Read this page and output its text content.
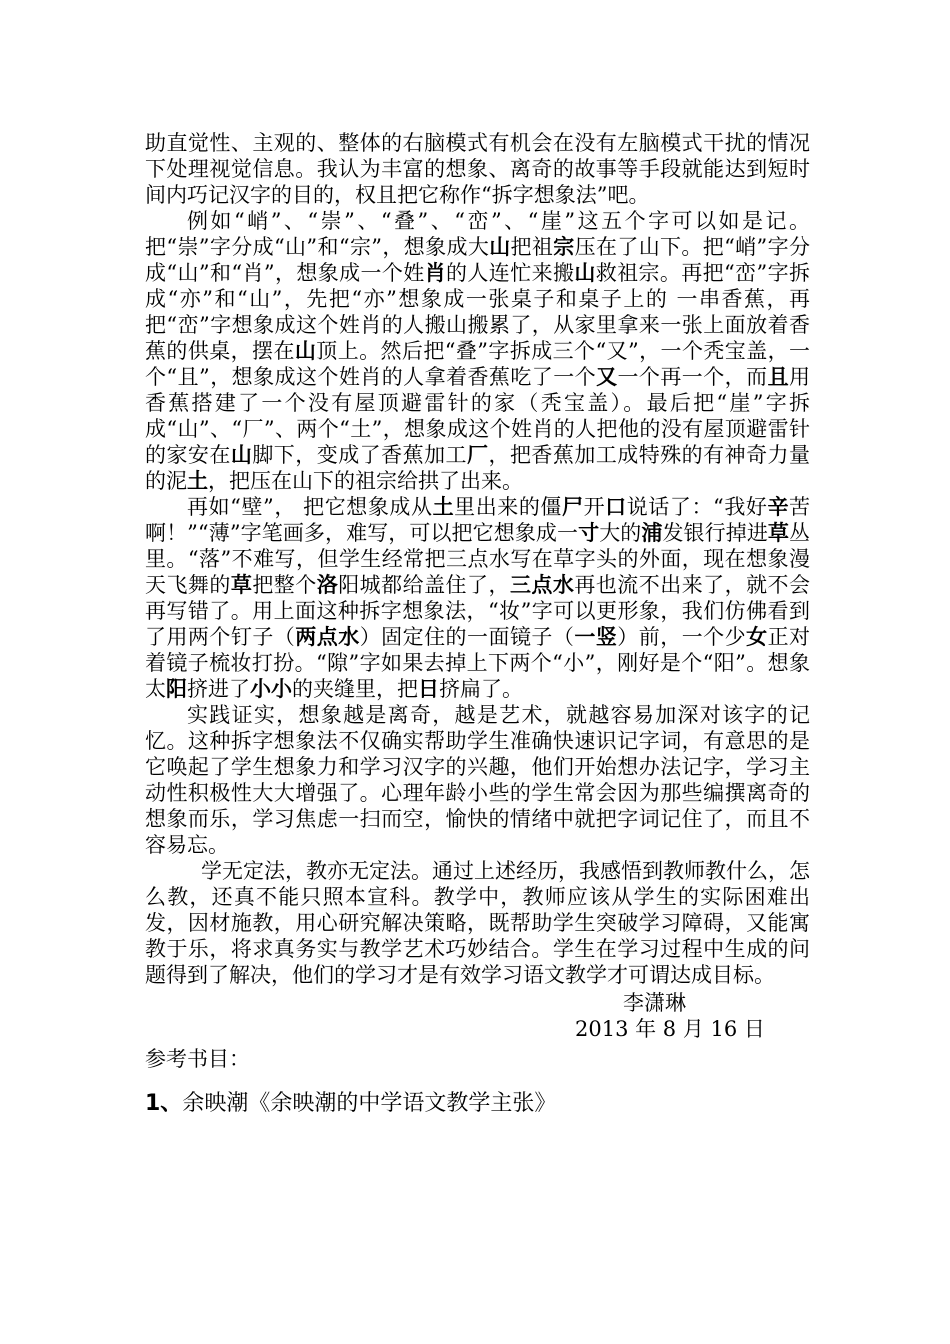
助直觉性、主观的、整体的右脑模式有机会在没有左脑模式干扰的情况下处理视觉信息。我认为丰富的想象、离奇的故事等手段就能达到短时间内巧记汉字的目的，权且把它称作“拆字想象法”吧。

例如“峭”、“崇”、“叠”、“峦”、“崖”这五个字可以如是记。把“崇”字分成“山”和“宗”，想象成大山把祖宗压在了山下。把“峭”字分成“山”和“肖”，想象成一个姓肖的人连忙来搬山救祖宗。再把“峦”字拆成“亦”和“山”，先把“亦”想象成一张桌子和桌子上的 一串香蕉，再把“峦”字想象成这个姓肖的人搬山搬累了，从家里拿来一张上面放着香蕉的供桌，摆在山顶上。然后把“叠”字拆成三个“又”，一个秃宝盖，一个“且”，想象成这个姓肖的人拿着香蕉吃了一个又一个再一个，而且用香蕉搭建了一个没有屋顶避雷针的家（秃宝盖）。最后把“崖”字拆成“山”、“厂”、两个“土”，想象成这个姓肖的人把他的没有屋顶避雷针的家安在山脚下，变成了香蕉加工厂，把香蕉加工成特殊的有神奇力量的泥土，把压在山下的祖宗给拱了出来。

再如“壁”， 把它想象成从土里出来的僵尸开口说话了：“我好辛苦啊！”“薄”字笔画多，难写，可以把它想象成一寸大的浦发银行掉进草丛里。“落”不难写，但学生经常把三点水写在草字头的外面，现在想象漫天飞舞的草把整个洛阳城都给盖住了，三点水再也流不出来了，就不会再写错了。用上面这种拆字想象法，“妆”字可以更形象，我们仿佛看到了用两个钉子（两点水）固定住的一面镜子（一竖）前，一个少女正对着镜子梳妆打扮。“隙”字如果去掉上下两个“小”，刚好是个“阳”。想象太阳挤进了小小的夹缝里，把日挤扁了。

实践证实，想象越是离奇，越是艺术，就越容易加深对该字的记忆。这种拆字想象法不仅确实帮助学生准确快速识记字词，有意思的是它唤起了学生想象力和学习汉字的兴趣，他们开始想办法记字，学习主动性积极性大大增强了。心理年龄小些的学生常会因为那些编撰离奇的想象而乐，学习焦虑一扫而空，愉快的情绪中就把字词记住了，而且不容易忘。

学无定法，教亦无定法。通过上述经历，我感悟到教师教什么，怎么教，还真不能只照本宣科。教学中，教师应该从学生的实际困难出发，因材施教，用心研究解决策略，既帮助学生突破学习障碍，又能寓教于乐，将求真务实与教学艺术巧妙结合。学生在学习过程中生成的问题得到了解决，他们的学习才是有效学习语文教学才可谓达成目标。

李潇琳
2013 年 8 月 16 日
参考书目：
1、余映潮《余映潮的中学语文教学主张》
